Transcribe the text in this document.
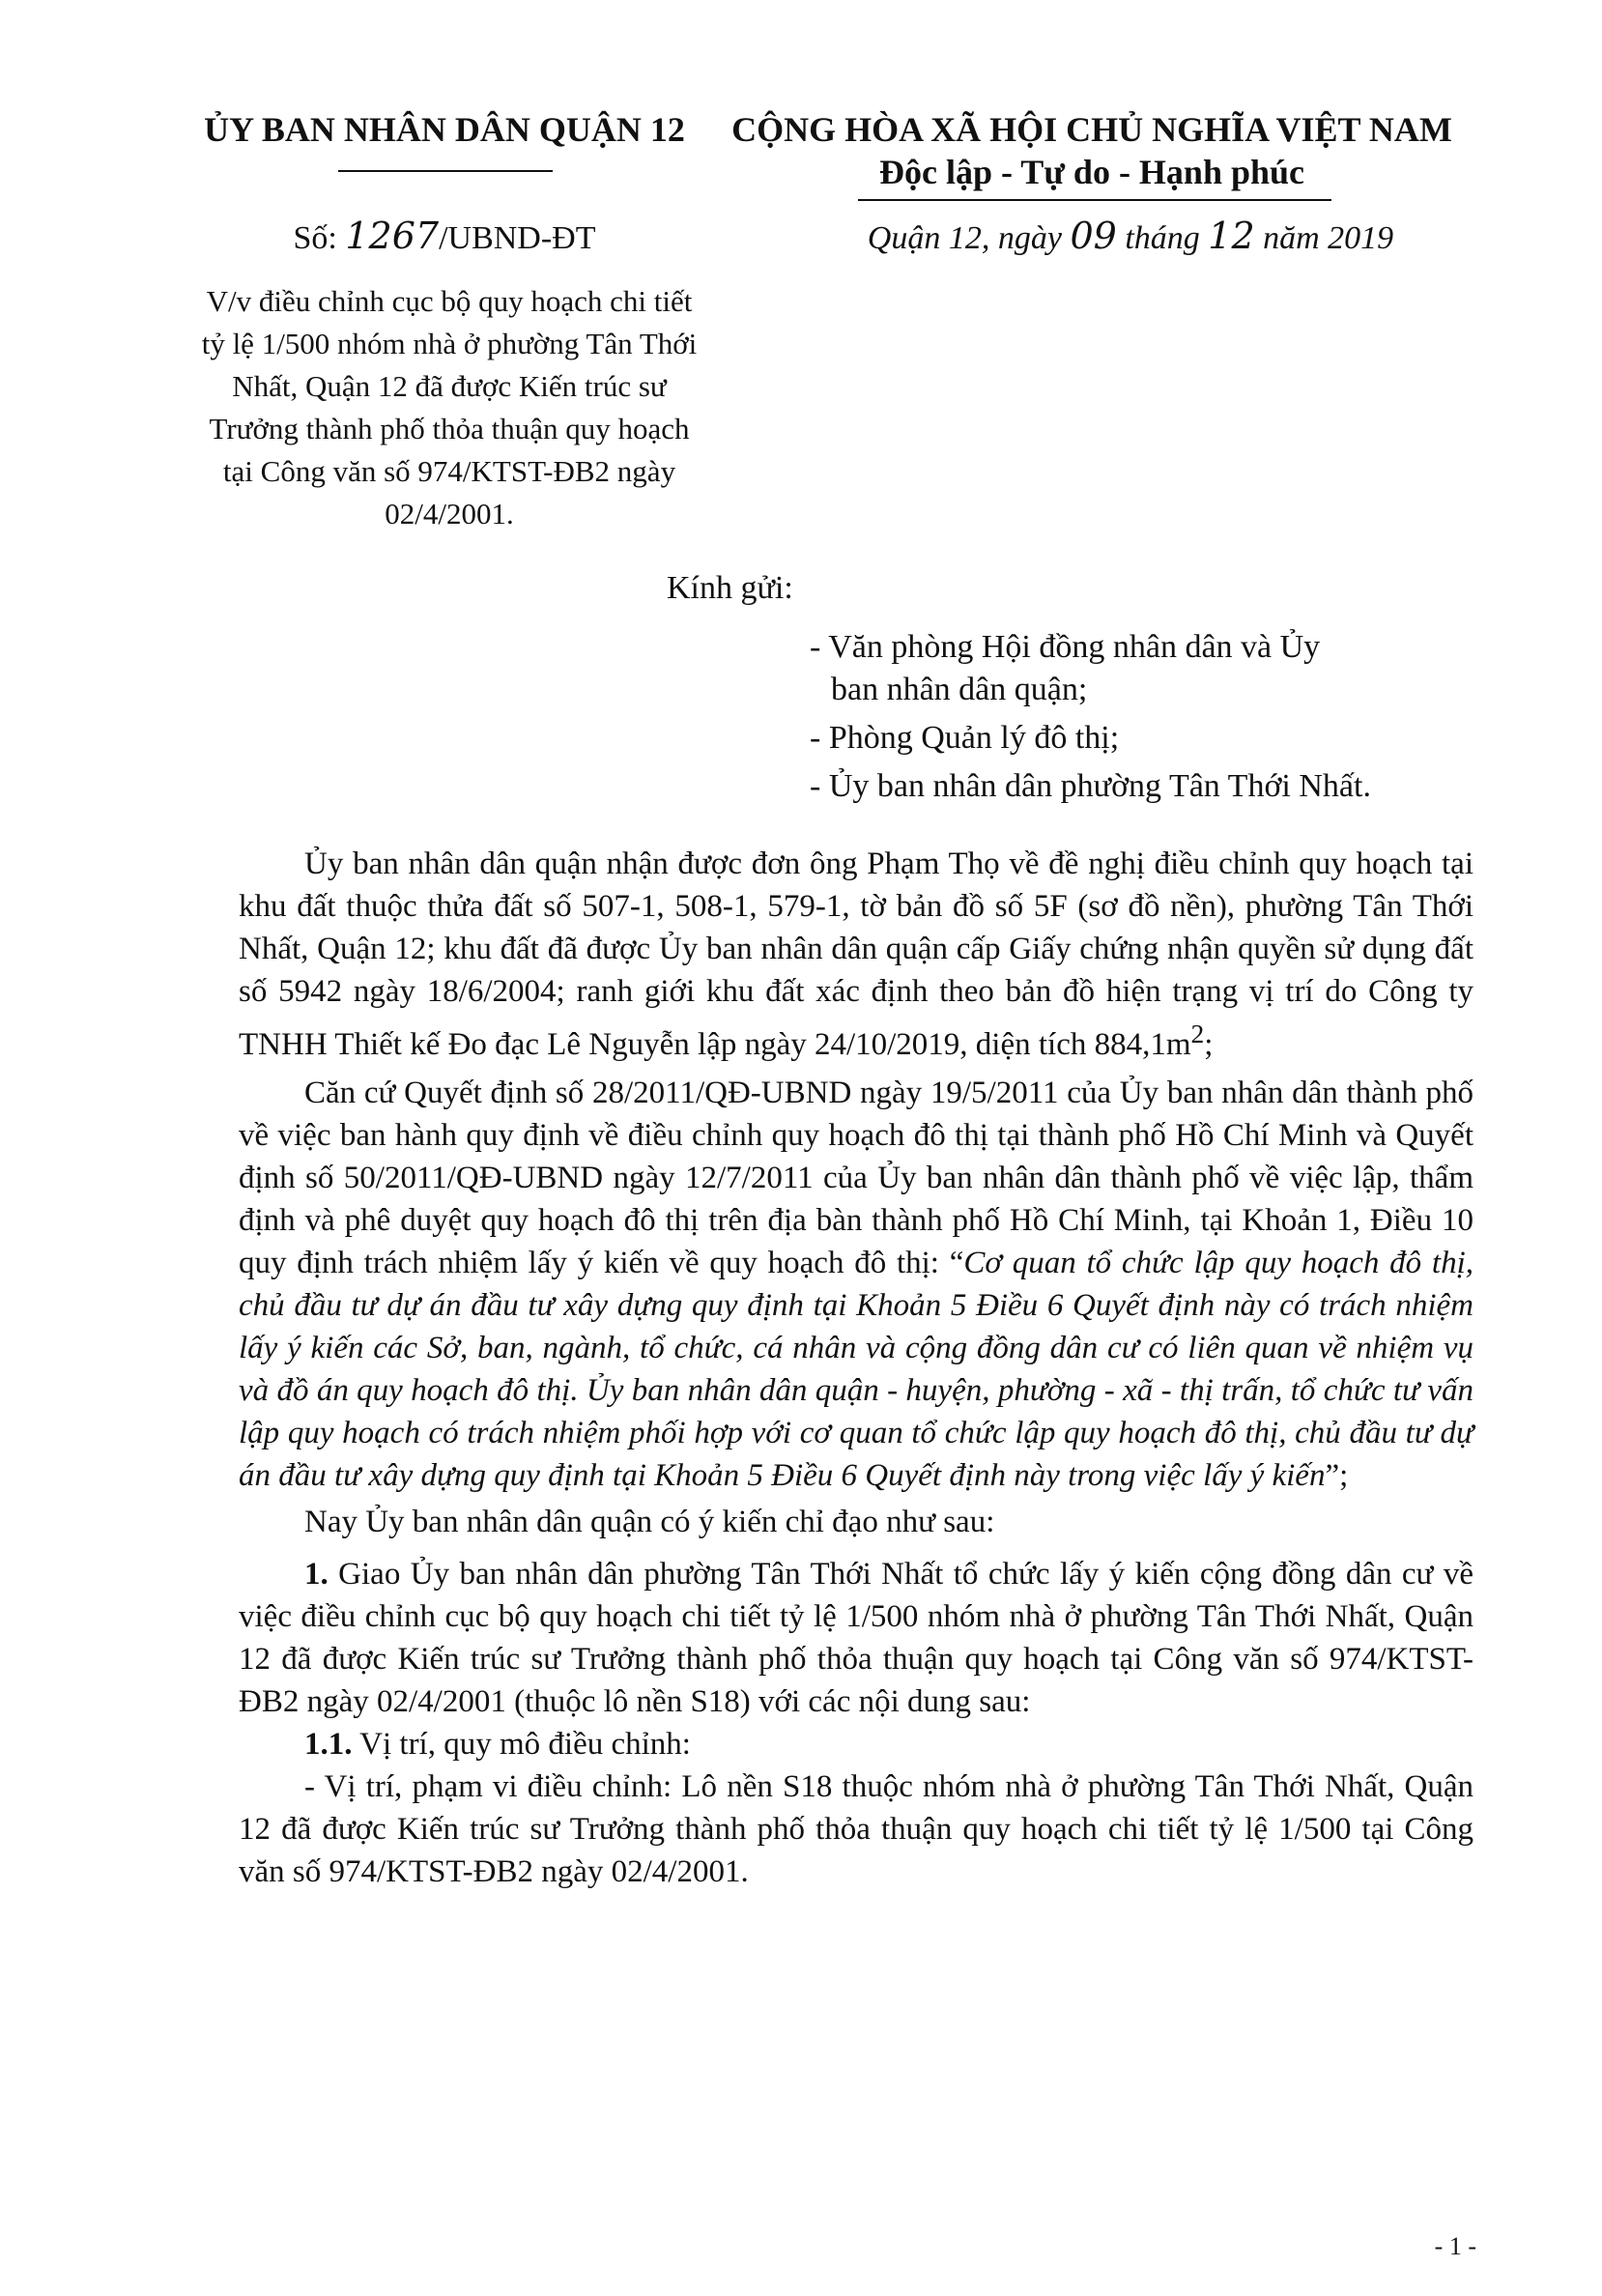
ỦY BAN NHÂN DÂN QUẬN 12	CỘNG HÒA XÃ HỘI CHỦ NGHĨA VIỆT NAM
Độc lập - Tự do - Hạnh phúc
Số: 1267/UBND-ĐT	Quận 12, ngày 09 tháng 12 năm 2019
V/v điều chỉnh cục bộ quy hoạch chi tiết tỷ lệ 1/500 nhóm nhà ở phường Tân Thới Nhất, Quận 12 đã được Kiến trúc sư Trưởng thành phố thỏa thuận quy hoạch tại Công văn số 974/KTST-ĐB2 ngày 02/4/2001.
Kính gửi:
- Văn phòng Hội đồng nhân dân và Ủy
ban nhân dân quận;
- Phòng Quản lý đô thị;
- Ủy ban nhân dân phường Tân Thới Nhất.

Ủy ban nhân dân quận nhận được đơn ông Phạm Thọ về đề nghị điều chỉnh quy hoạch tại khu đất thuộc thửa đất số 507-1, 508-1, 579-1, tờ bản đồ số 5F (sơ đồ nền), phường Tân Thới Nhất, Quận 12; khu đất đã được Ủy ban nhân dân quận cấp Giấy chứng nhận quyền sử dụng đất số 5942 ngày 18/6/2004; ranh giới khu đất xác định theo bản đồ hiện trạng vị trí do Công ty TNHH Thiết kế Đo đạc Lê Nguyễn lập ngày 24/10/2019, diện tích $884,1m^2$;

Căn cứ Quyết định số 28/2011/QĐ-UBND ngày 19/5/2011 của Ủy ban nhân dân thành phố về việc ban hành quy định về điều chỉnh quy hoạch đô thị tại thành phố Hồ Chí Minh và Quyết định số 50/2011/QĐ-UBND ngày 12/7/2011 của Ủy ban nhân dân thành phố về việc lập, thẩm định và phê duyệt quy hoạch đô thị trên địa bàn thành phố Hồ Chí Minh, tại Khoản 1, Điều 10 quy định trách nhiệm lấy ý kiến về quy hoạch đô thị: “Cơ quan tổ chức lập quy hoạch đô thị, chủ đầu tư dự án đầu tư xây dựng quy định tại Khoản 5 Điều 6 Quyết định này có trách nhiệm lấy ý kiến các Sở, ban, ngành, tổ chức, cá nhân và cộng đồng dân cư có liên quan về nhiệm vụ và đồ án quy hoạch đô thị. Ủy ban nhân dân quận - huyện, phường - xã - thị trấn, tổ chức tư vấn lập quy hoạch có trách nhiệm phối hợp với cơ quan tổ chức lập quy hoạch đô thị, chủ đầu tư dự án đầu tư xây dựng quy định tại Khoản 5 Điều 6 Quyết định này trong việc lấy ý kiến”;

Nay Ủy ban nhân dân quận có ý kiến chỉ đạo như sau:

1. Giao Ủy ban nhân dân phường Tân Thới Nhất tổ chức lấy ý kiến cộng đồng dân cư về việc điều chỉnh cục bộ quy hoạch chi tiết tỷ lệ 1/500 nhóm nhà ở phường Tân Thới Nhất, Quận 12 đã được Kiến trúc sư Trưởng thành phố thỏa thuận quy hoạch tại Công văn số 974/KTST-ĐB2 ngày 02/4/2001 (thuộc lô nền S18) với các nội dung sau:

1.1. Vị trí, quy mô điều chỉnh:

- Vị trí, phạm vi điều chỉnh: Lô nền S18 thuộc nhóm nhà ở phường Tân Thới Nhất, Quận 12 đã được Kiến trúc sư Trưởng thành phố thỏa thuận quy hoạch chi tiết tỷ lệ 1/500 tại Công văn số 974/KTST-ĐB2 ngày 02/4/2001.

- 1 -
